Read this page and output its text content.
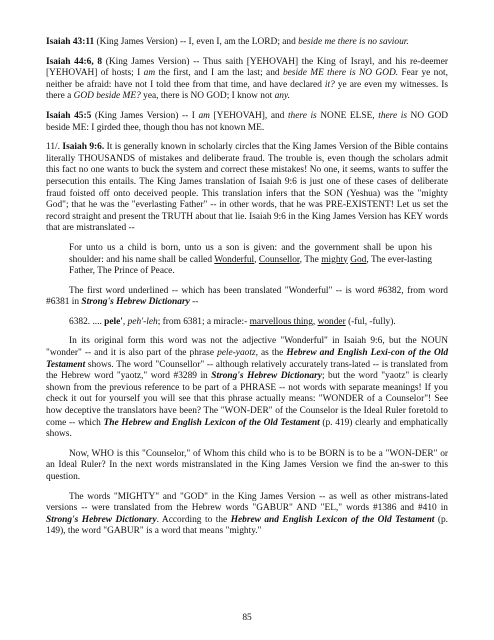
Isaiah 43:11 (King James Version) -- I, even I, am the LORD; and beside me there is no saviour.

Isaiah 44:6, 8 (King James Version) -- Thus saith [YEHOVAH] the King of Israyl, and his re-deemer [YEHOVAH] of hosts; I am the first, and I am the last; and beside ME there is NO GOD. Fear ye not, neither be afraid: have not I told thee from that time, and have declared it? ye are even my witnesses. Is there a GOD beside ME? yea, there is NO GOD; I know not any.

Isaiah 45:5 (King James Version) -- I am [YEHOVAH], and there is NONE ELSE, there is NO GOD beside ME: I girded thee, though thou has not known ME.

11/. Isaiah 9:6. It is generally known in scholarly circles that the King James Version of the Bible contains literally THOUSANDS of mistakes and deliberate fraud. The trouble is, even though the scholars admit this fact no one wants to buck the system and correct these mistakes! No one, it seems, wants to suffer the persecution this entails. The King James translation of Isaiah 9:6 is just one of these cases of deliberate fraud foisted off onto deceived people. This translation infers that the SON (Yeshua) was the "mighty God"; that he was the "everlasting Father" -- in other words, that he was PRE-EXISTENT! Let us set the record straight and present the TRUTH about that lie. Isaiah 9:6 in the King James Version has KEY words that are mistranslated --

For unto us a child is born, unto us a son is given: and the government shall be upon his shoulder: and his name shall be called Wonderful, Counsellor, The mighty God, The ever-lasting Father, The Prince of Peace.

The first word underlined -- which has been translated "Wonderful" -- is word #6382, from word #6381 in Strong's Hebrew Dictionary --

6382. .... pele', peh'-leh; from 6381; a miracle:- marvellous thing, wonder (-ful, -fully).

In its original form this word was not the adjective "Wonderful" in Isaiah 9:6, but the NOUN "wonder" -- and it is also part of the phrase pele-yaotz, as the Hebrew and English Lexi-con of the Old Testament shows. The word "Counsellor" -- although relatively accurately trans-lated -- is translated from the Hebrew word "yaotz," word #3289 in Strong's Hebrew Dictionary; but the word "yaotz" is clearly shown from the previous reference to be part of a PHRASE -- not words with separate meanings! If you check it out for yourself you will see that this phrase actually means: "WONDER of a Counselor"! See how deceptive the translators have been? The "WON-DER" of the Counselor is the Ideal Ruler foretold to come -- which The Hebrew and English Lexicon of the Old Testament (p. 419) clearly and emphatically shows.

Now, WHO is this "Counselor," of Whom this child who is to be BORN is to be a "WON-DER" or an Ideal Ruler? In the next words mistranslated in the King James Version we find the an-swer to this question.

The words "MIGHTY" and "GOD" in the King James Version -- as well as other mistrans-lated versions -- were translated from the Hebrew words "GABUR" AND "EL," words #1386 and #410 in Strong's Hebrew Dictionary. According to the Hebrew and English Lexicon of the Old Testament (p. 149), the word "GABUR" is a word that means "mighty."

85
